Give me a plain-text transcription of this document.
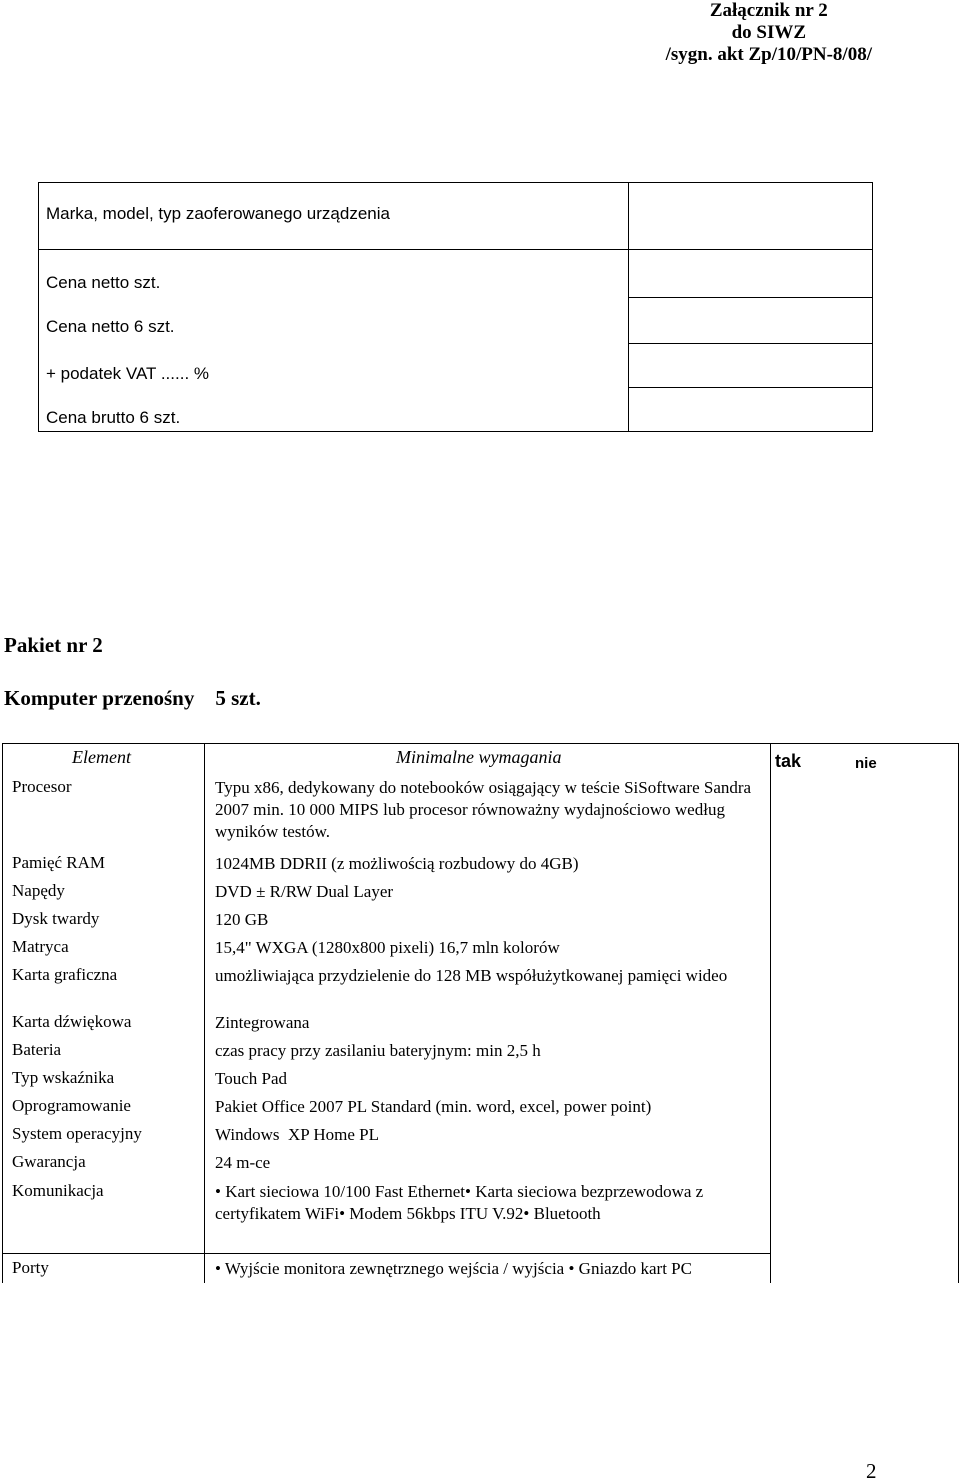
Załącznik nr 2
do SIWZ
/sygn. akt Zp/10/PN-8/08/
Marka, model, typ zaoferowanego urządzenia
Cena netto szt.
Cena netto 6 szt.
+ podatek VAT ...... %
Cena brutto 6 szt.
Pakiet nr 2
Komputer przenośny    5 szt.
Element	Minimalne wymagania	tak	nie
Procesor	Typu x86, dedykowany do notebooków osiągający w teście SiSoftware Sandra 2007 min. 10 000 MIPS lub procesor równoważny wydajnościowo według wyników testów.
Pamięć RAM	1024MB DDRII (z możliwością rozbudowy do 4GB)
Napędy	DVD ± R/RW Dual Layer
Dysk twardy	120 GB
Matryca	15,4" WXGA (1280x800 pixeli) 16,7 mln kolorów
Karta graficzna	umożliwiająca przydzielenie do 128 MB współużytkowanej pamięci wideo
Karta dźwiękowa	Zintegrowana
Bateria	czas pracy przy zasilaniu bateryjnym: min 2,5 h
Typ wskaźnika	Touch Pad
Oprogramowanie	Pakiet Office 2007 PL Standard (min. word, excel, power point)
System operacyjny	Windows  XP Home PL
Gwarancja	24 m-ce
Komunikacja	• Kart sieciowa 10/100 Fast Ethernet• Karta sieciowa bezprzewodowa z certyfikatem WiFi• Modem 56kbps ITU V.92• Bluetooth
Porty	• Wyjście monitora zewnętrznego wejścia / wyjścia • Gniazdo kart PC
2
